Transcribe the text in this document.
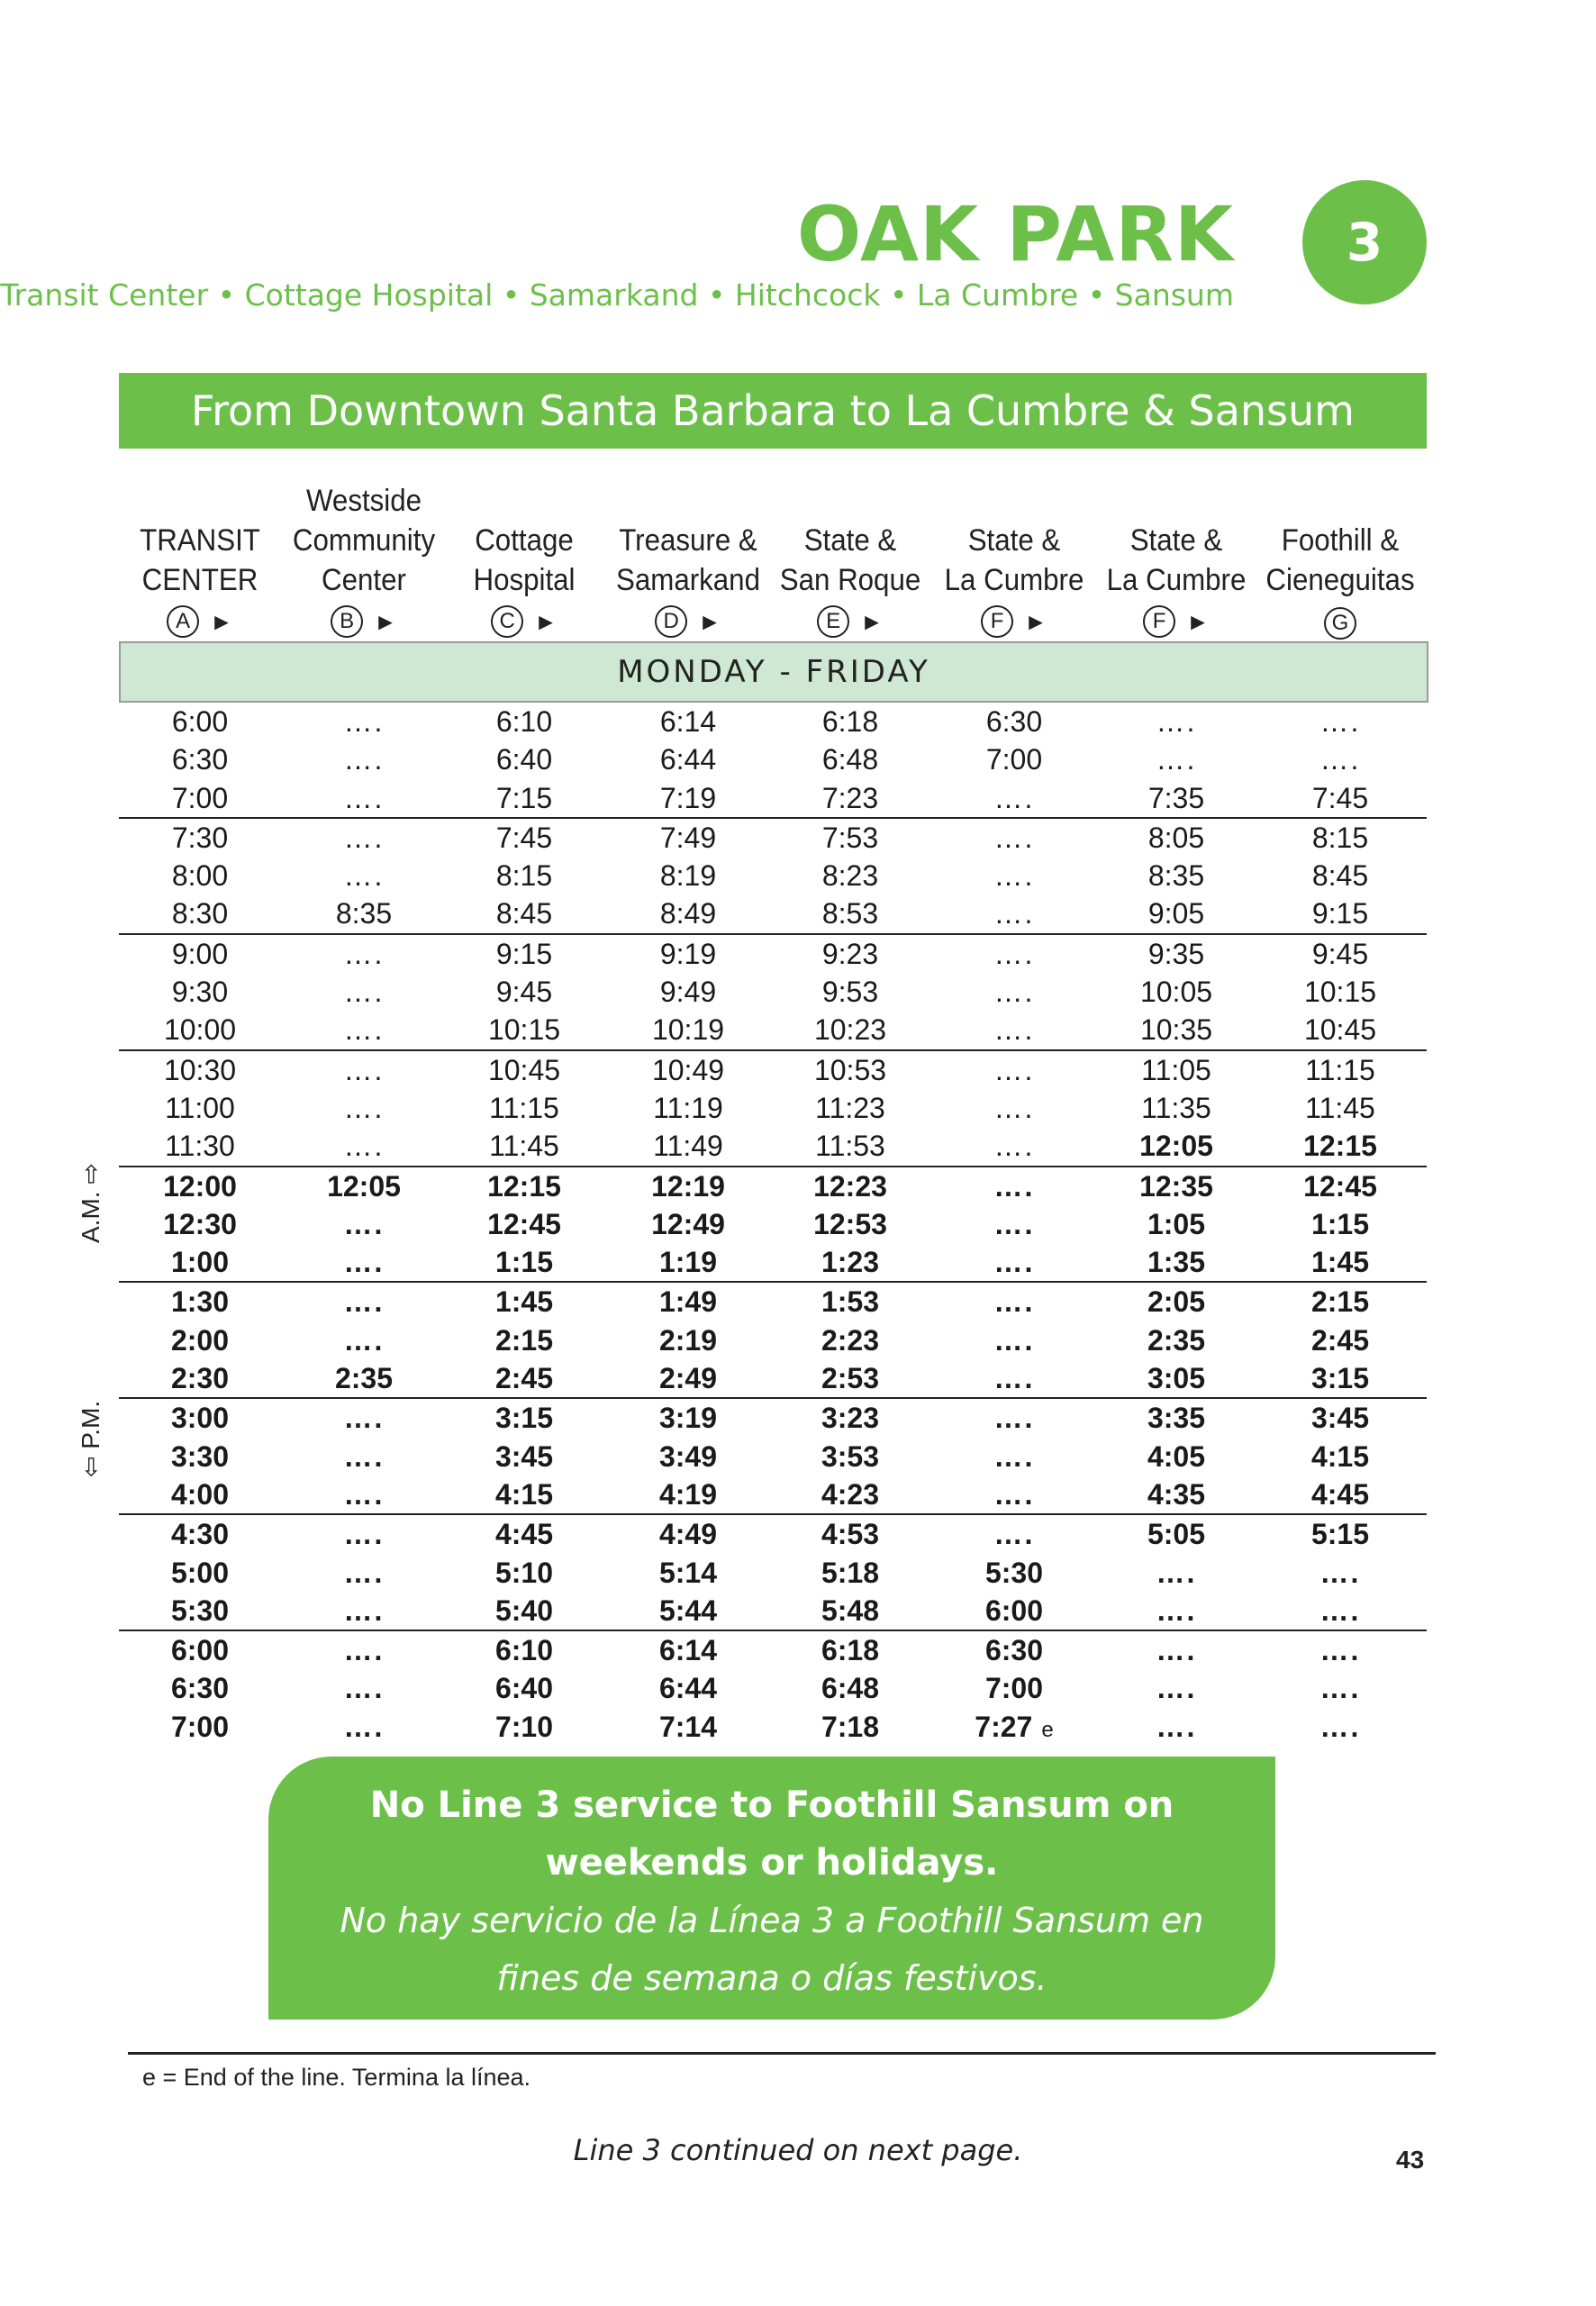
OAK PARK	3
Transit Center • Cottage Hospital • Samarkand • Hitchcock • La Cumbre • Sansum
From Downtown Santa Barbara to La Cumbre & Sansum
TRANSIT
CENTER
A ►
Westside
Community
Center
B ►
Cottage
Hospital
C ►
Treasure &
Samarkand
D ►
State &
San Roque
E ►
State &
La Cumbre
F ►
State &
La Cumbre
F ►
Foothill &
Cieneguitas
G
MONDAY - FRIDAY
A.M. ⇨
⇦ P.M.
6:00	….	6:10	6:14	6:18	6:30	….	….
6:30	….	6:40	6:44	6:48	7:00	….	….
7:00	….	7:15	7:19	7:23	….	7:35	7:45
7:30	….	7:45	7:49	7:53	….	8:05	8:15
8:00	….	8:15	8:19	8:23	….	8:35	8:45
8:30	8:35	8:45	8:49	8:53	….	9:05	9:15
9:00	….	9:15	9:19	9:23	….	9:35	9:45
9:30	….	9:45	9:49	9:53	….	10:05	10:15
10:00	….	10:15	10:19	10:23	….	10:35	10:45
10:30	….	10:45	10:49	10:53	….	11:05	11:15
11:00	….	11:15	11:19	11:23	….	11:35	11:45
11:30	….	11:45	11:49	11:53	….	12:05	12:15
12:00	12:05	12:15	12:19	12:23	….	12:35	12:45
12:30	….	12:45	12:49	12:53	….	1:05	1:15
1:00	….	1:15	1:19	1:23	….	1:35	1:45
1:30	….	1:45	1:49	1:53	….	2:05	2:15
2:00	….	2:15	2:19	2:23	….	2:35	2:45
2:30	2:35	2:45	2:49	2:53	….	3:05	3:15
3:00	….	3:15	3:19	3:23	….	3:35	3:45
3:30	….	3:45	3:49	3:53	….	4:05	4:15
4:00	….	4:15	4:19	4:23	….	4:35	4:45
4:30	….	4:45	4:49	4:53	….	5:05	5:15
5:00	….	5:10	5:14	5:18	5:30	….	….
5:30	….	5:40	5:44	5:48	6:00	….	….
6:00	….	6:10	6:14	6:18	6:30	….	….
6:30	….	6:40	6:44	6:48	7:00	….	….
7:00	….	7:10	7:14	7:18	7:27 e	….	….
No Line 3 service to Foothill Sansum on weekends or holidays.
No hay servicio de la Línea 3 a Foothill Sansum en fines de semana o días festivos.
e = End of the line. Termina la línea.
Line 3 continued on next page.	43
